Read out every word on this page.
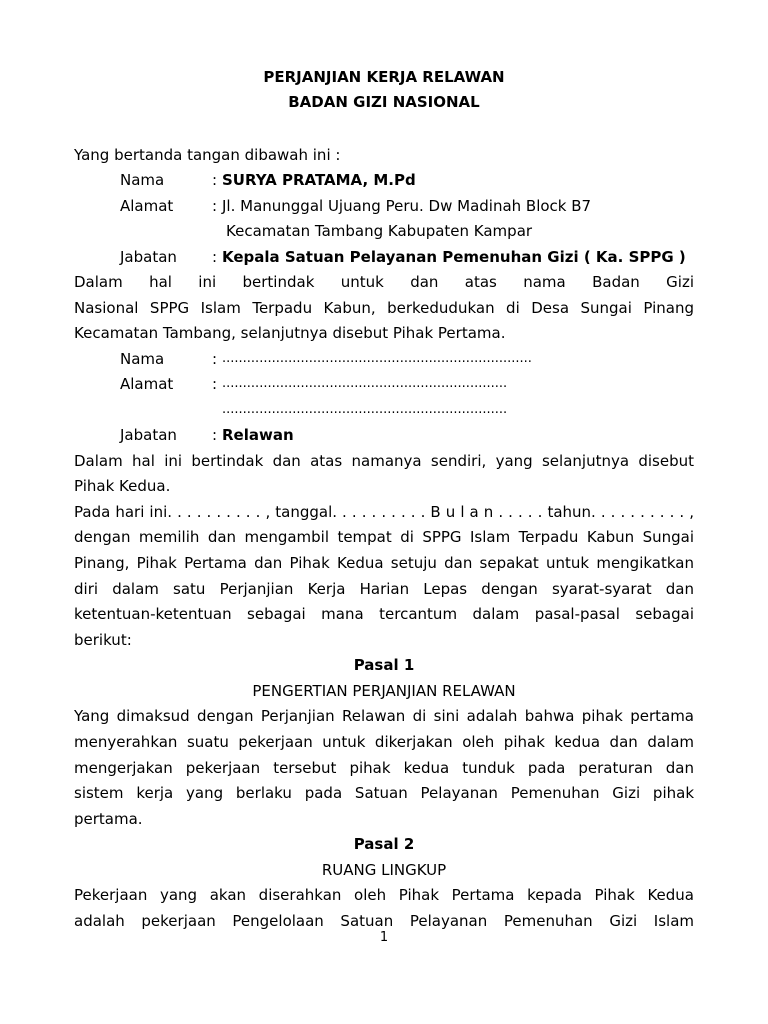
PERJANJIAN KERJA RELAWAN
BADAN GIZI NASIONAL
Yang bertanda tangan dibawah ini :
Nama	: SURYA PRATAMA, M.Pd
Alamat	: Jl. Manunggal Ujuang Peru. Dw Madinah Block B7
Kecamatan Tambang Kabupaten Kampar
Jabatan : Kepala Satuan Pelayanan Pemenuhan Gizi ( Ka. SPPG )
Dalam hal ini bertindak untuk dan atas nama Badan Gizi
Nasional SPPG Islam Terpadu Kabun, berkedudukan di Desa Sungai Pinang
Kecamatan Tambang, selanjutnya disebut Pihak Pertama.
Nama	: ...........................................................................
Alamat	: .....................................................................
.....................................................................
Jabatan : Relawan
Dalam hal ini bertindak dan atas namanya sendiri, yang selanjutnya disebut
Pihak Kedua.
Pada hari ini. . . . . . . . . . , tanggal. . . . . . . . . . B u l a n . . . . . tahun. . . . . . . . . . ,
dengan memilih dan mengambil tempat di SPPG Islam Terpadu Kabun Sungai
Pinang, Pihak Pertama dan Pihak Kedua setuju dan sepakat untuk mengikatkan
diri dalam satu Perjanjian Kerja Harian Lepas dengan syarat-syarat dan
ketentuan-ketentuan sebagai mana tercantum dalam pasal-pasal sebagai
berikut:
Pasal 1
PENGERTIAN PERJANJIAN RELAWAN
Yang dimaksud dengan Perjanjian Relawan di sini adalah bahwa pihak pertama
menyerahkan suatu pekerjaan untuk dikerjakan oleh pihak kedua dan dalam
mengerjakan pekerjaan tersebut pihak kedua tunduk pada peraturan dan
sistem kerja yang berlaku pada Satuan Pelayanan Pemenuhan Gizi pihak
pertama.
Pasal 2
RUANG LINGKUP
Pekerjaan yang akan diserahkan oleh Pihak Pertama kepada Pihak Kedua
adalah pekerjaan Pengelolaan Satuan Pelayanan Pemenuhan Gizi Islam
1
